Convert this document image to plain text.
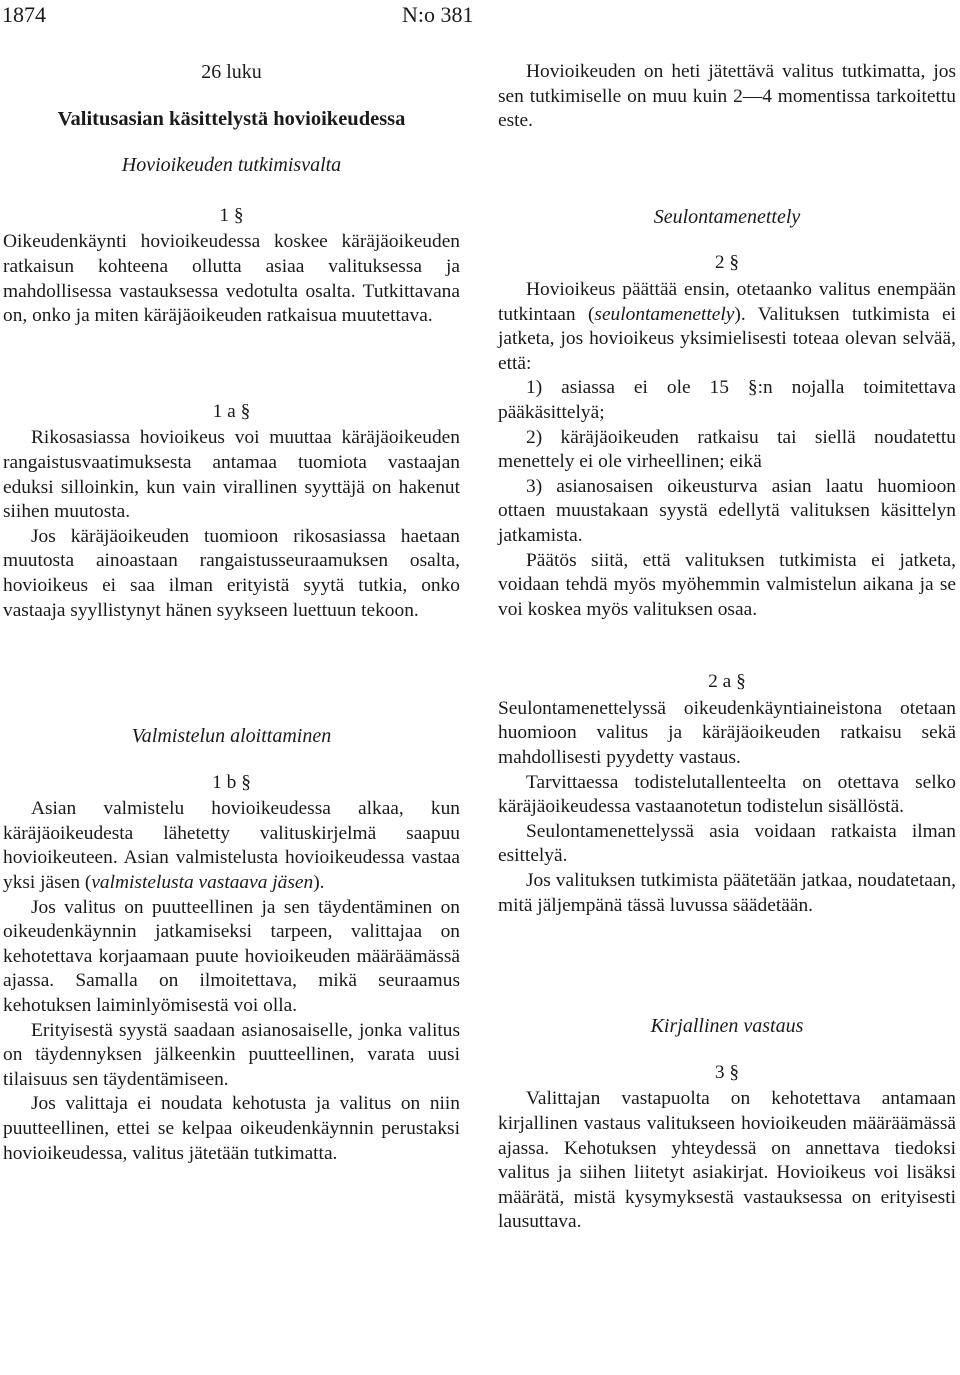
1874	N:o 381

26 luku

Valitusasian käsittelystä hovioikeudessa

Hovioikeuden tutkimisvalta

1 §

Oikeudenkäynti hovioikeudessa koskee käräjäoikeuden ratkaisun kohteena ollutta asiaa valituksessa ja mahdollisessa vastauksessa vedotulta osalta. Tutkittavana on, onko ja miten käräjäoikeuden ratkaisua muutettava.

1 a §

Rikosasiassa hovioikeus voi muuttaa käräjäoikeuden rangaistusvaatimuksesta antamaa tuomiota vastaajan eduksi silloinkin, kun vain virallinen syyttäjä on hakenut siihen muutosta.

Jos käräjäoikeuden tuomioon rikosasiassa haetaan muutosta ainoastaan rangaistusseuraamuksen osalta, hovioikeus ei saa ilman erityistä syytä tutkia, onko vastaaja syyllistynyt hänen syykseen luettuun tekoon.

Valmistelun aloittaminen

1 b §

Asian valmistelu hovioikeudessa alkaa, kun käräjäoikeudesta lähetetty valituskirjelmä saapuu hovioikeuteen. Asian valmistelusta hovioikeudessa vastaa yksi jäsen (valmistelusta vastaava jäsen).

Jos valitus on puutteellinen ja sen täydentäminen on oikeudenkäynnin jatkamiseksi tarpeen, valittajaa on kehotettava korjaamaan puute hovioikeuden määräämässä ajassa. Samalla on ilmoitettava, mikä seuraamus kehotuksen laiminlyömisestä voi olla.

Erityisestä syystä saadaan asianosaiselle, jonka valitus on täydennyksen jälkeenkin puutteellinen, varata uusi tilaisuus sen täydentämiseen.

Jos valittaja ei noudata kehotusta ja valitus on niin puutteellinen, ettei se kelpaa oikeudenkäynnin perustaksi hovioikeudessa, valitus jätetään tutkimatta.

Hovioikeuden on heti jätettävä valitus tutkimatta, jos sen tutkimiselle on muu kuin 2—4 momentissa tarkoitettu este.

Seulontamenettely

2 §

Hovioikeus päättää ensin, otetaanko valitus enempään tutkintaan (seulontamenettely). Valituksen tutkimista ei jatketa, jos hovioikeus yksimielisesti toteaa olevan selvää, että:

1) asiassa ei ole 15 §:n nojalla toimitettava pääkäsittelyä;

2) käräjäoikeuden ratkaisu tai siellä noudatettu menettely ei ole virheellinen; eikä

3) asianosaisen oikeusturva asian laatu huomioon ottaen muustakaan syystä edellytä valituksen käsittelyn jatkamista.

Päätös siitä, että valituksen tutkimista ei jatketa, voidaan tehdä myös myöhemmin valmistelun aikana ja se voi koskea myös valituksen osaa.

2 a §

Seulontamenettelyssä oikeudenkäyntiaineistona otetaan huomioon valitus ja käräjäoikeuden ratkaisu sekä mahdollisesti pyydetty vastaus.

Tarvittaessa todistelutallenteelta on otettava selko käräjäoikeudessa vastaanotetun todistelun sisällöstä.

Seulontamenettelyssä asia voidaan ratkaista ilman esittelyä.

Jos valituksen tutkimista päätetään jatkaa, noudatetaan, mitä jäljempänä tässä luvussa säädetään.

Kirjallinen vastaus

3 §

Valittajan vastapuolta on kehotettava antamaan kirjallinen vastaus valitukseen hovioikeuden määräämässä ajassa. Kehotuksen yhteydessä on annettava tiedoksi valitus ja siihen liitetyt asiakirjat. Hovioikeus voi lisäksi määrätä, mistä kysymyksestä vastauksessa on erityisesti lausuttava.
